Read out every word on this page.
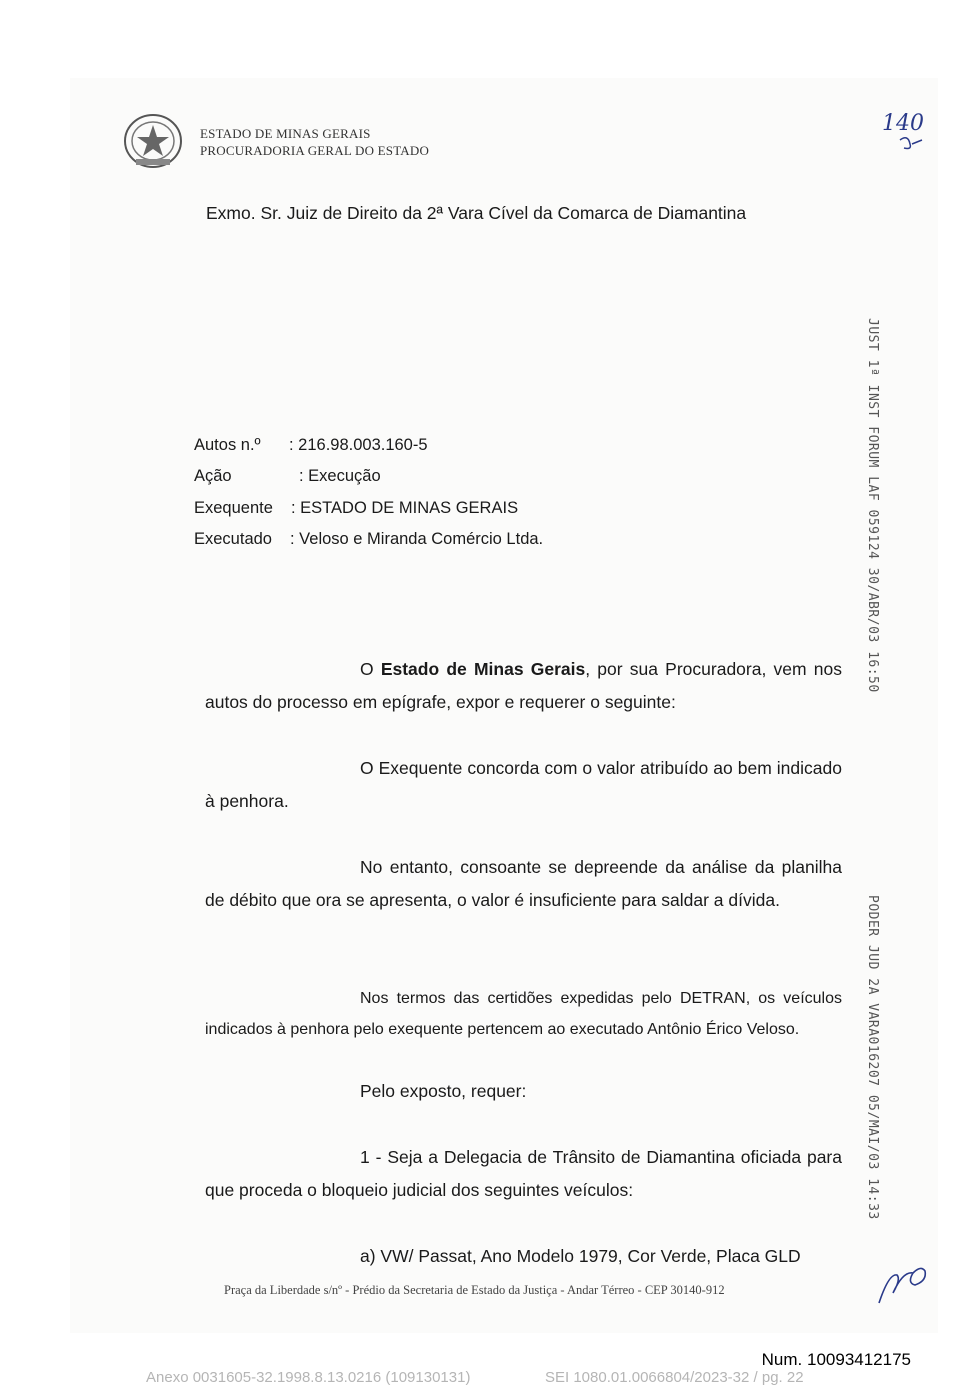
ESTADO DE MINAS GERAIS
PROCURADORIA GERAL DO ESTADO
140
Exmo. Sr. Juiz de Direito da 2ª Vara Cível da Comarca de Diamantina
Autos n.º : 216.98.003.160-5
Ação	: Execução
Exequente : ESTADO DE MINAS GERAIS
Executado : Veloso e Miranda Comércio Ltda.
O Estado de Minas Gerais, por sua Procuradora, vem nos autos do processo em epígrafe, expor e requerer o seguinte:
O Exequente concorda com o valor atribuído ao bem indicado à penhora.
No entanto, consoante se depreende da análise da planilha de débito que ora se apresenta, o valor é insuficiente para saldar a dívida.
Nos termos das certidões expedidas pelo DETRAN, os veículos indicados à penhora pelo exequente pertencem ao executado Antônio Érico Veloso.
Pelo exposto, requer:
1 - Seja a Delegacia de Trânsito de Diamantina oficiada para que proceda o bloqueio judicial dos seguintes veículos:
a) VW/ Passat, Ano Modelo 1979, Cor Verde, Placa GLD
JUST 1ª INST FORUM LAF 059124 30/ABR/03 16:50
PODER JUD 2A VARA016207 05/MAI/03 14:33
Praça da Liberdade s/nº - Prédio da Secretaria de Estado da Justiça - Andar Térreo - CEP 30140-912
Num. 10093412175
Anexo 0031605-32.1998.8.13.0216 (109130131)	SEI 1080.01.0066804/2023-32 / pg. 22
